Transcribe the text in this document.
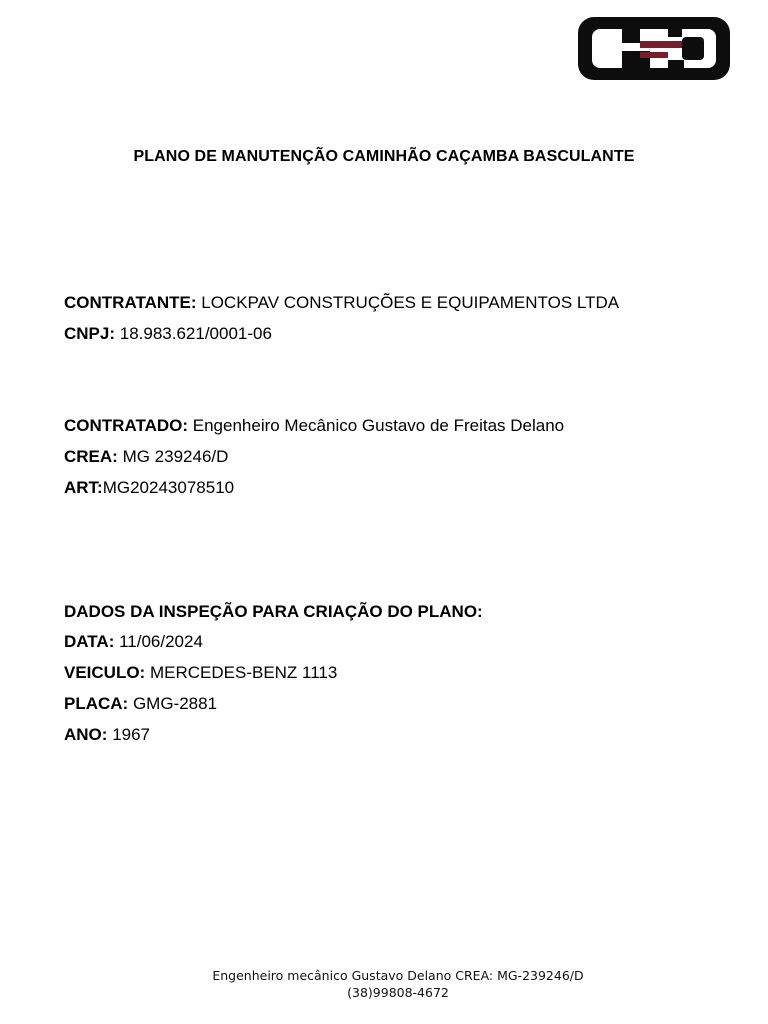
PLANO DE MANUTENÇÃO CAMINHÃO CAÇAMBA BASCULANTE
CONTRATANTE: LOCKPAV CONSTRUÇÕES E EQUIPAMENTOS LTDA
CNPJ: 18.983.621/0001-06
CONTRATADO: Engenheiro Mecânico Gustavo de Freitas Delano
CREA: MG 239246/D
ART:MG20243078510
DADOS DA INSPEÇÃO PARA CRIAÇÃO DO PLANO:
DATA: 11/06/2024
VEICULO: MERCEDES-BENZ 1113
PLACA: GMG-2881
ANO: 1967
Engenheiro mecânico Gustavo Delano CREA: MG-239246/D
(38)99808-4672
